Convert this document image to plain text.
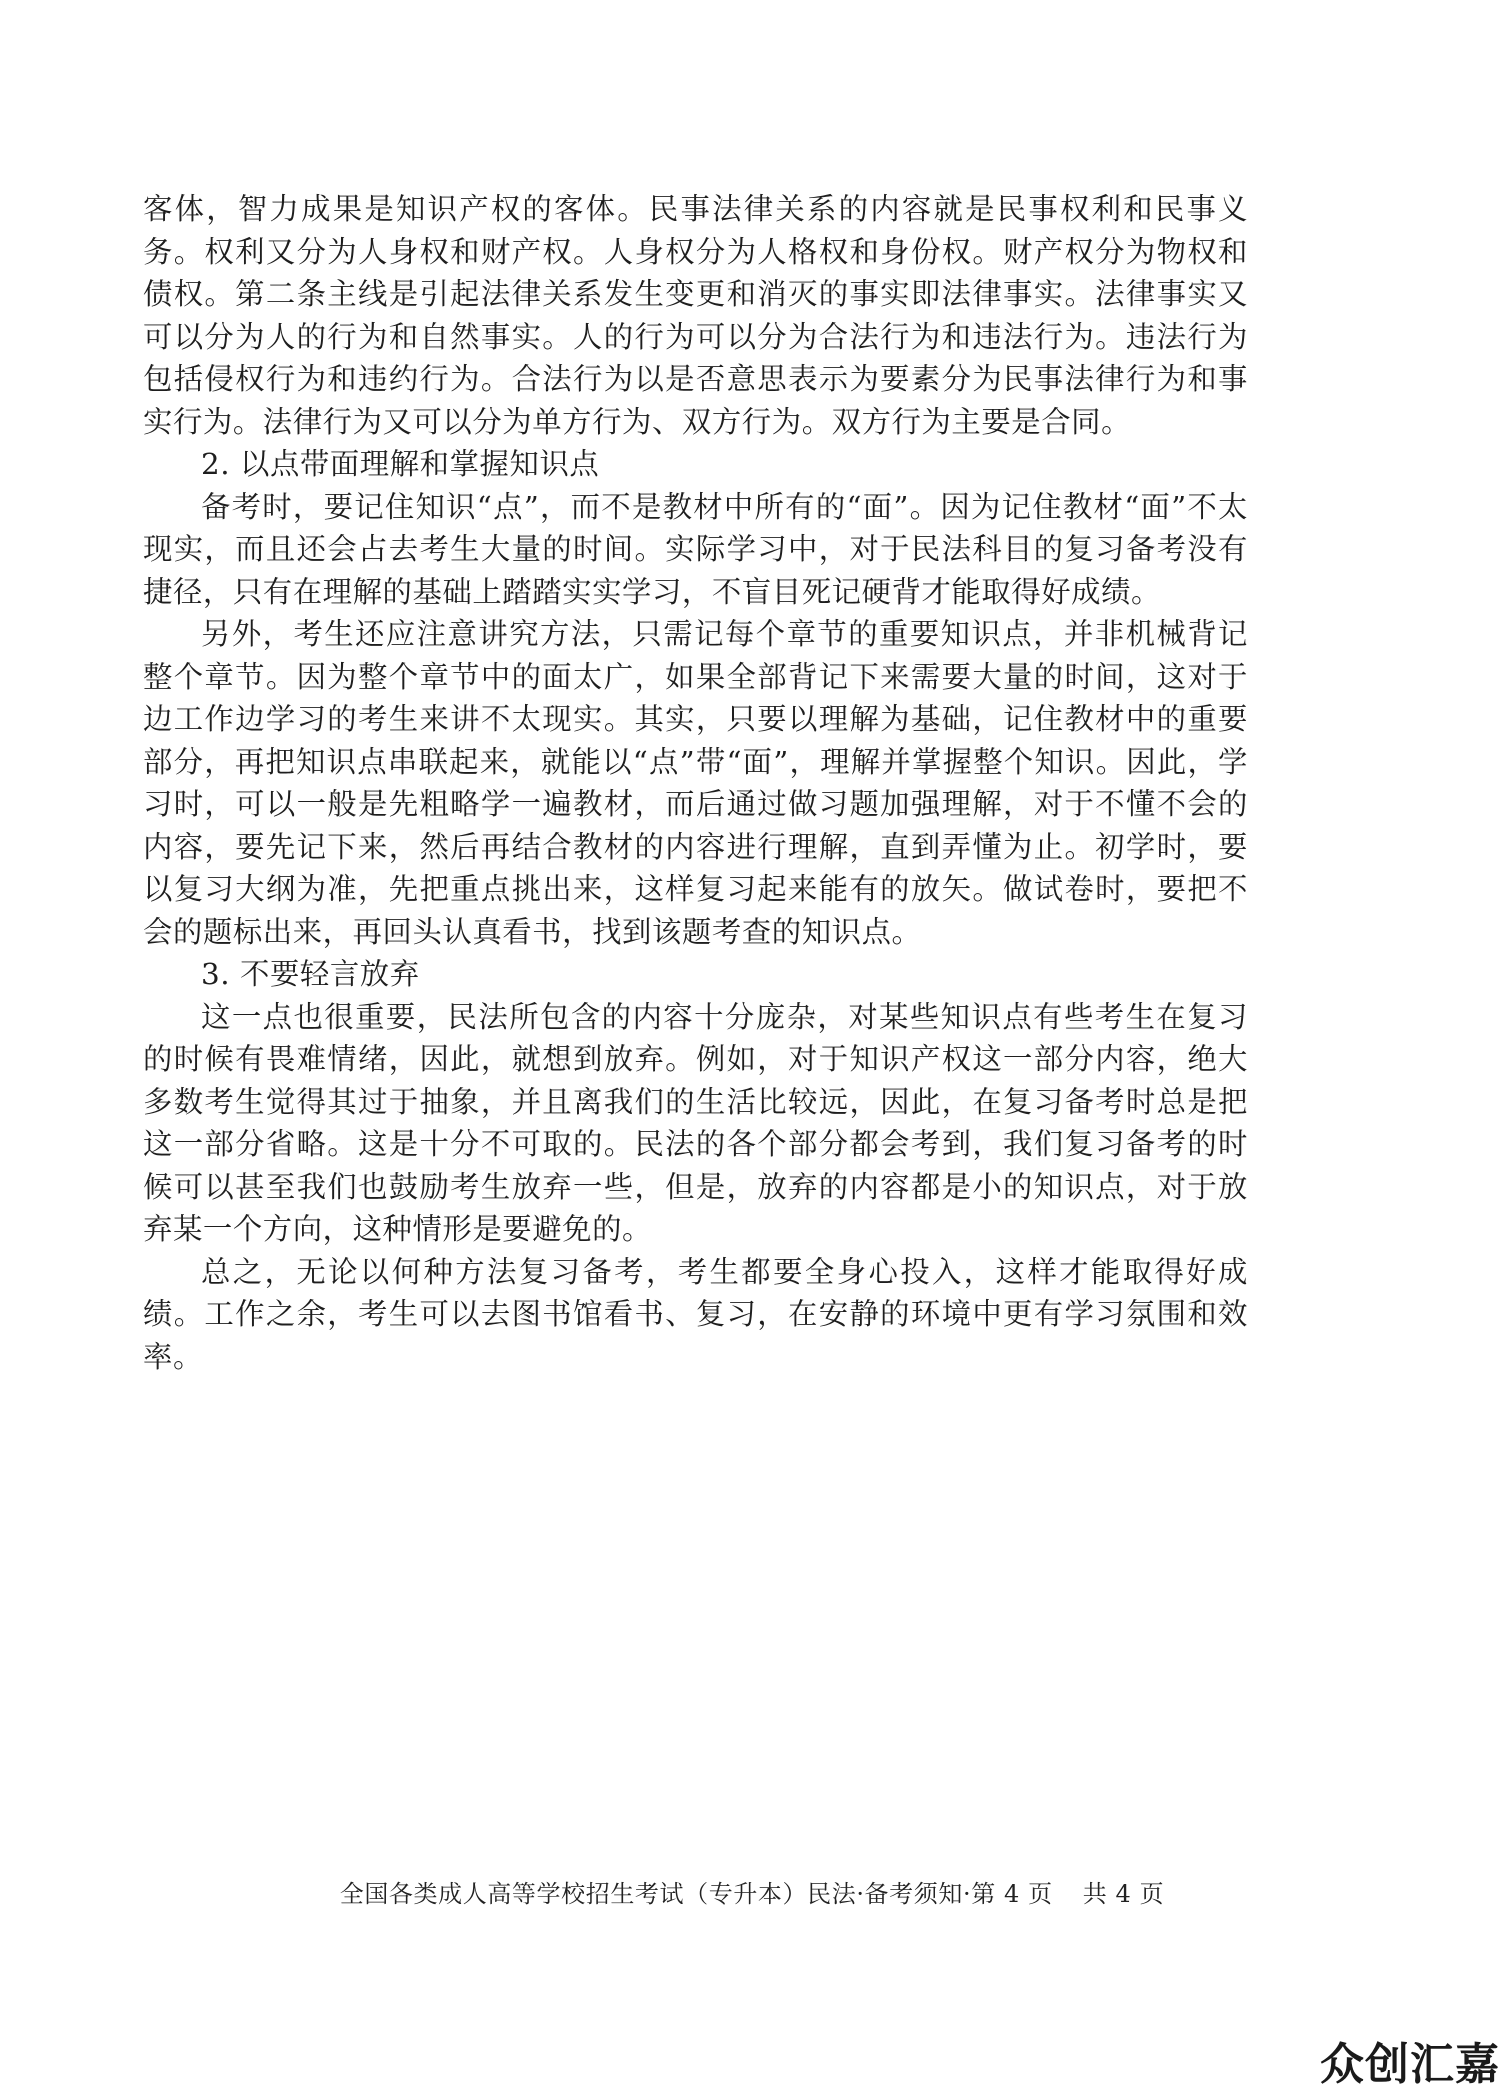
客体，智力成果是知识产权的客体。民事法律关系的内容就是民事权利和民事义务。权利又分为人身权和财产权。人身权分为人格权和身份权。财产权分为物权和债权。第二条主线是引起法律关系发生变更和消灭的事实即法律事实。法律事实又可以分为人的行为和自然事实。人的行为可以分为合法行为和违法行为。违法行为包括侵权行为和违约行为。合法行为以是否意思表示为要素分为民事法律行为和事实行为。法律行为又可以分为单方行为、双方行为。双方行为主要是合同。

2. 以点带面理解和掌握知识点

备考时，要记住知识“点”，而不是教材中所有的“面”。因为记住教材“面”不太现实，而且还会占去考生大量的时间。实际学习中，对于民法科目的复习备考没有捷径，只有在理解的基础上踏踏实实学习，不盲目死记硬背才能取得好成绩。

另外，考生还应注意讲究方法，只需记每个章节的重要知识点，并非机械背记整个章节。因为整个章节中的面太广，如果全部背记下来需要大量的时间，这对于边工作边学习的考生来讲不太现实。其实，只要以理解为基础，记住教材中的重要部分，再把知识点串联起来，就能以“点”带“面”，理解并掌握整个知识。因此，学习时，可以一般是先粗略学一遍教材，而后通过做习题加强理解，对于不懂不会的内容，要先记下来，然后再结合教材的内容进行理解，直到弄懂为止。初学时，要以复习大纲为准，先把重点挑出来，这样复习起来能有的放矢。做试卷时，要把不会的题标出来，再回头认真看书，找到该题考查的知识点。

3. 不要轻言放弃

这一点也很重要，民法所包含的内容十分庞杂，对某些知识点有些考生在复习的时候有畏难情绪，因此，就想到放弃。例如，对于知识产权这一部分内容，绝大多数考生觉得其过于抽象，并且离我们的生活比较远，因此，在复习备考时总是把这一部分省略。这是十分不可取的。民法的各个部分都会考到，我们复习备考的时候可以甚至我们也鼓励考生放弃一些，但是，放弃的内容都是小的知识点，对于放弃某一个方向，这种情形是要避免的。

总之，无论以何种方法复习备考，考生都要全身心投入，这样才能取得好成绩。工作之余，考生可以去图书馆看书、复习，在安静的环境中更有学习氛围和效率。

全国各类成人高等学校招生考试（专升本）民法·备考须知·第 4 页 共 4 页
众创汇嘉
